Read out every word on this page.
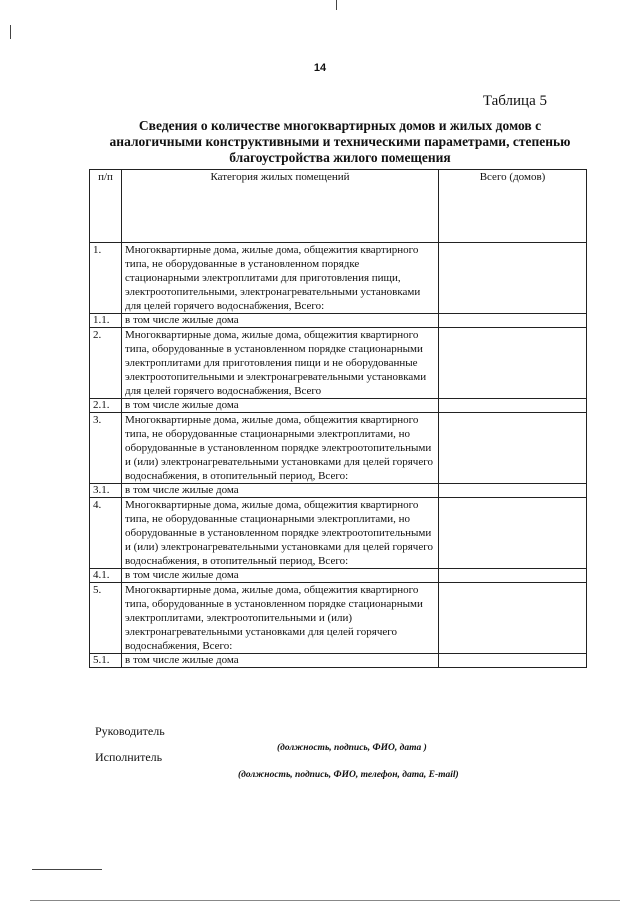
14
Таблица 5
Сведения о количестве многоквартирных домов и жилых домов с аналогичными конструктивными и техническими параметрами, степенью благоустройства жилого помещения
п/п	Категория жилых помещений	Всего (домов)
1.	Многоквартирные дома, жилые дома, общежития квартирного типа, не оборудованные в установленном порядке стационарными электроплитами для приготовления пищи, электроотопительными, электронагревательными установками для целей горячего водоснабжения, Всего:	
1.1.	в том числе жилые дома	
2.	Многоквартирные дома, жилые дома, общежития квартирного типа, оборудованные в установленном порядке стационарными электроплитами для приготовления пищи и не оборудованные электроотопительными и электронагревательными установками для целей горячего водоснабжения, Всего	
2.1.	в том числе жилые дома	
3.	Многоквартирные дома, жилые дома, общежития квартирного типа, не оборудованные стационарными электроплитами, но оборудованные в установленном порядке электроотопительными и (или) электронагревательными установками для целей горячего водоснабжения, в отопительный период, Всего:	
3.1.	в том числе жилые дома	
4.	Многоквартирные дома, жилые дома, общежития квартирного типа, не оборудованные стационарными электроплитами, но оборудованные в установленном порядке электроотопительными и (или) электронагревательными установками для целей горячего водоснабжения, в отопительный период, Всего:	
4.1.	в том числе жилые дома	
5.	Многоквартирные дома, жилые дома, общежития квартирного типа, оборудованные в установленном порядке стационарными электроплитами, электроотопительными и (или) электронагревательными установками для целей горячего водоснабжения, Всего:	
5.1.	в том числе жилые дома	
Руководитель
(должность, подпись, ФИО, дата )
Исполнитель
(должность, подпись, ФИО, телефон, дата, E-mail)
